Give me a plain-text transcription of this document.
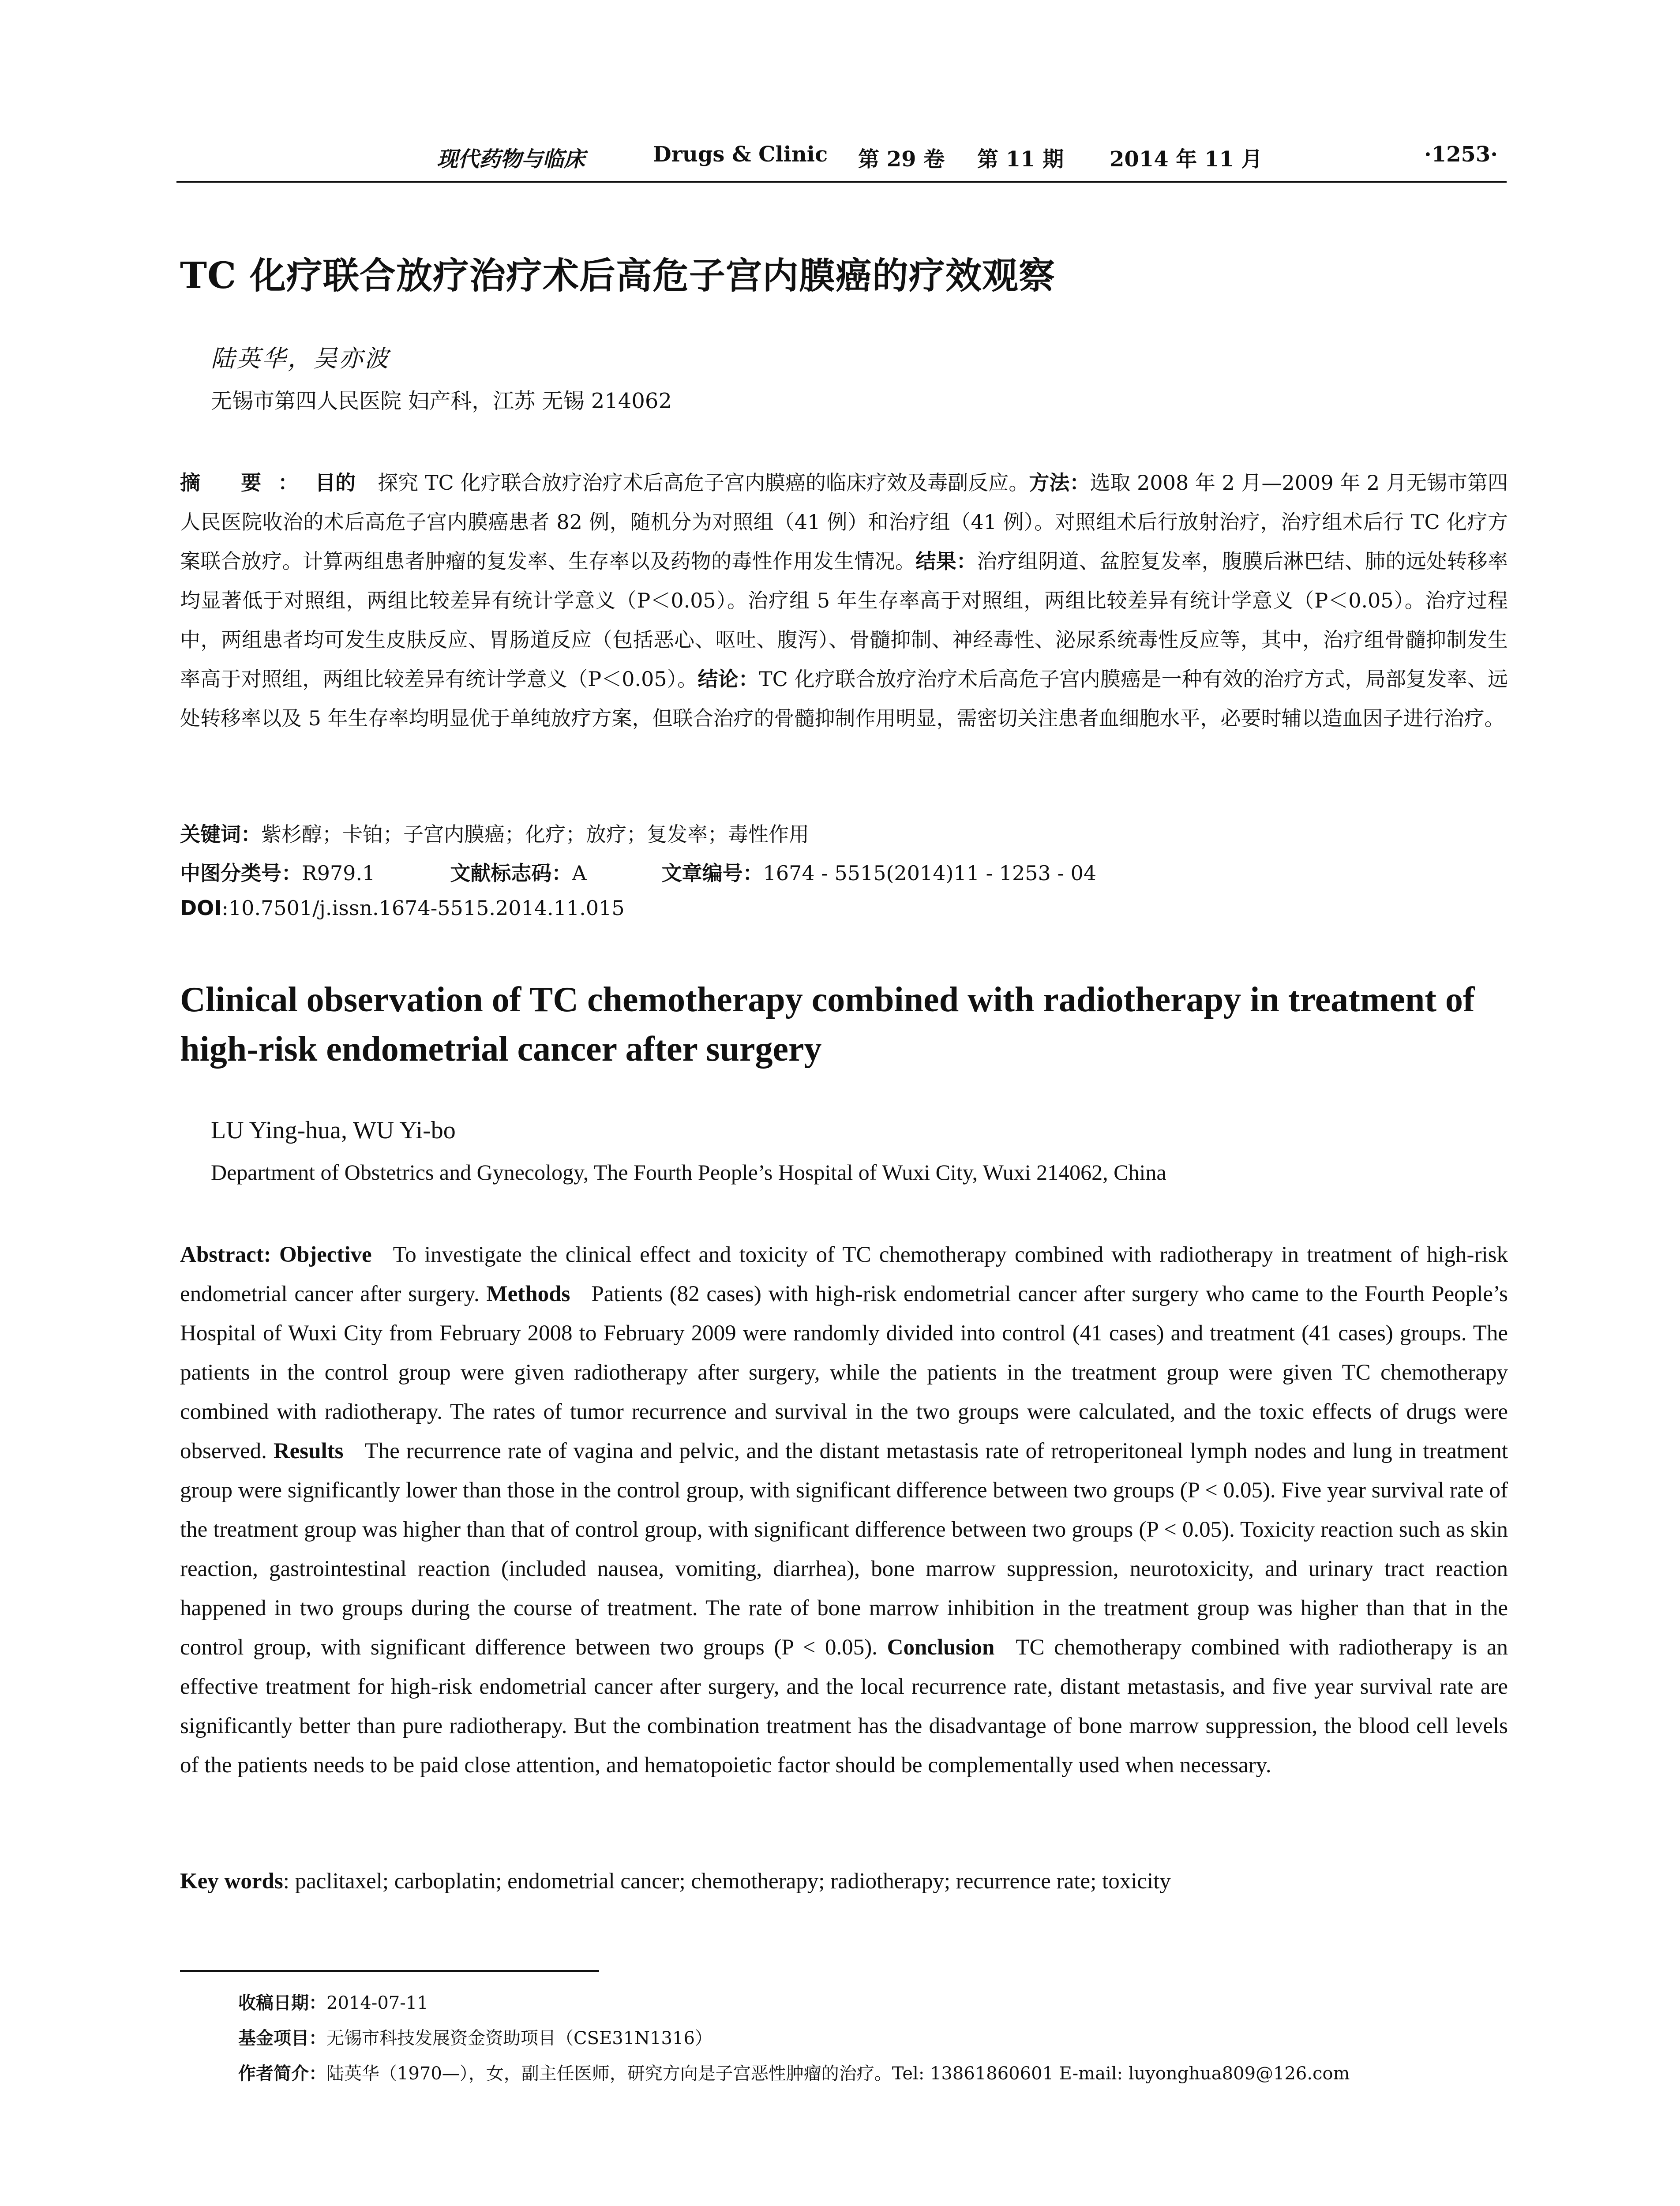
现代药物与临床	Drugs & Clinic 第 29 卷 第 11 期 2014 年 11 月	·1253·
TC 化疗联合放疗治疗术后高危子宫内膜癌的疗效观察
陆英华，吴亦波
无锡市第四人民医院 妇产科，江苏 无锡 214062
摘 要：目的 探究 TC 化疗联合放疗治疗术后高危子宫内膜癌的临床疗效及毒副反应。方法：选取 2008 年 2 月—2009 年 2 月无锡市第四人民医院收治的术后高危子宫内膜癌患者 82 例，随机分为对照组（41 例）和治疗组（41 例）。对照组术后行放射治疗，治疗组术后行 TC 化疗方案联合放疗。计算两组患者肿瘤的复发率、生存率以及药物的毒性作用发生情况。结果：治疗组阴道、盆腔复发率，腹膜后淋巴结、肺的远处转移率均显著低于对照组，两组比较差异有统计学意义（P＜0.05）。治疗组 5 年生存率高于对照组，两组比较差异有统计学意义（P＜0.05）。治疗过程中，两组患者均可发生皮肤反应、胃肠道反应（包括恶心、呕吐、腹泻）、骨髓抑制、神经毒性、泌尿系统毒性反应等，其中，治疗组骨髓抑制发生率高于对照组，两组比较差异有统计学意义（P＜0.05）。结论：TC 化疗联合放疗治疗术后高危子宫内膜癌是一种有效的治疗方式，局部复发率、远处转移率以及 5 年生存率均明显优于单纯放疗方案，但联合治疗的骨髓抑制作用明显，需密切关注患者血细胞水平，必要时辅以造血因子进行治疗。
关键词：紫杉醇；卡铂；子宫内膜癌；化疗；放疗；复发率；毒性作用
中图分类号：R979.1	文献标志码：A	文章编号：1674 - 5515(2014)11 - 1253 - 04
DOI:10.7501/j.issn.1674-5515.2014.11.015
Clinical observation of TC chemotherapy combined with radiotherapy in treatment of high-risk endometrial cancer after surgery
LU Ying-hua, WU Yi-bo
Department of Obstetrics and Gynecology, The Fourth People’s Hospital of Wuxi City, Wuxi 214062, China
Abstract: Objective To investigate the clinical effect and toxicity of TC chemotherapy combined with radiotherapy in treatment of high-risk endometrial cancer after surgery. Methods Patients (82 cases) with high-risk endometrial cancer after surgery who came to the Fourth People’s Hospital of Wuxi City from February 2008 to February 2009 were randomly divided into control (41 cases) and treatment (41 cases) groups. The patients in the control group were given radiotherapy after surgery, while the patients in the treatment group were given TC chemotherapy combined with radiotherapy. The rates of tumor recurrence and survival in the two groups were calculated, and the toxic effects of drugs were observed. Results The recurrence rate of vagina and pelvic, and the distant metastasis rate of retroperitoneal lymph nodes and lung in treatment group were significantly lower than those in the control group, with significant difference between two groups (P < 0.05). Five year survival rate of the treatment group was higher than that of control group, with significant difference between two groups (P < 0.05). Toxicity reaction such as skin reaction, gastrointestinal reaction (included nausea, vomiting, diarrhea), bone marrow suppression, neurotoxicity, and urinary tract reaction happened in two groups during the course of treatment. The rate of bone marrow inhibition in the treatment group was higher than that in the control group, with significant difference between two groups (P < 0.05). Conclusion TC chemotherapy combined with radiotherapy is an effective treatment for high-risk endometrial cancer after surgery, and the local recurrence rate, distant metastasis, and five year survival rate are significantly better than pure radiotherapy. But the combination treatment has the disadvantage of bone marrow suppression, the blood cell levels of the patients needs to be paid close attention, and hematopoietic factor should be complementally used when necessary.
Key words: paclitaxel; carboplatin; endometrial cancer; chemotherapy; radiotherapy; recurrence rate; toxicity
收稿日期：2014-07-11
基金项目：无锡市科技发展资金资助项目（CSE31N1316）
作者简介：陆英华（1970—），女，副主任医师，研究方向是子宫恶性肿瘤的治疗。Tel: 13861860601 E-mail: luyonghua809@126.com
